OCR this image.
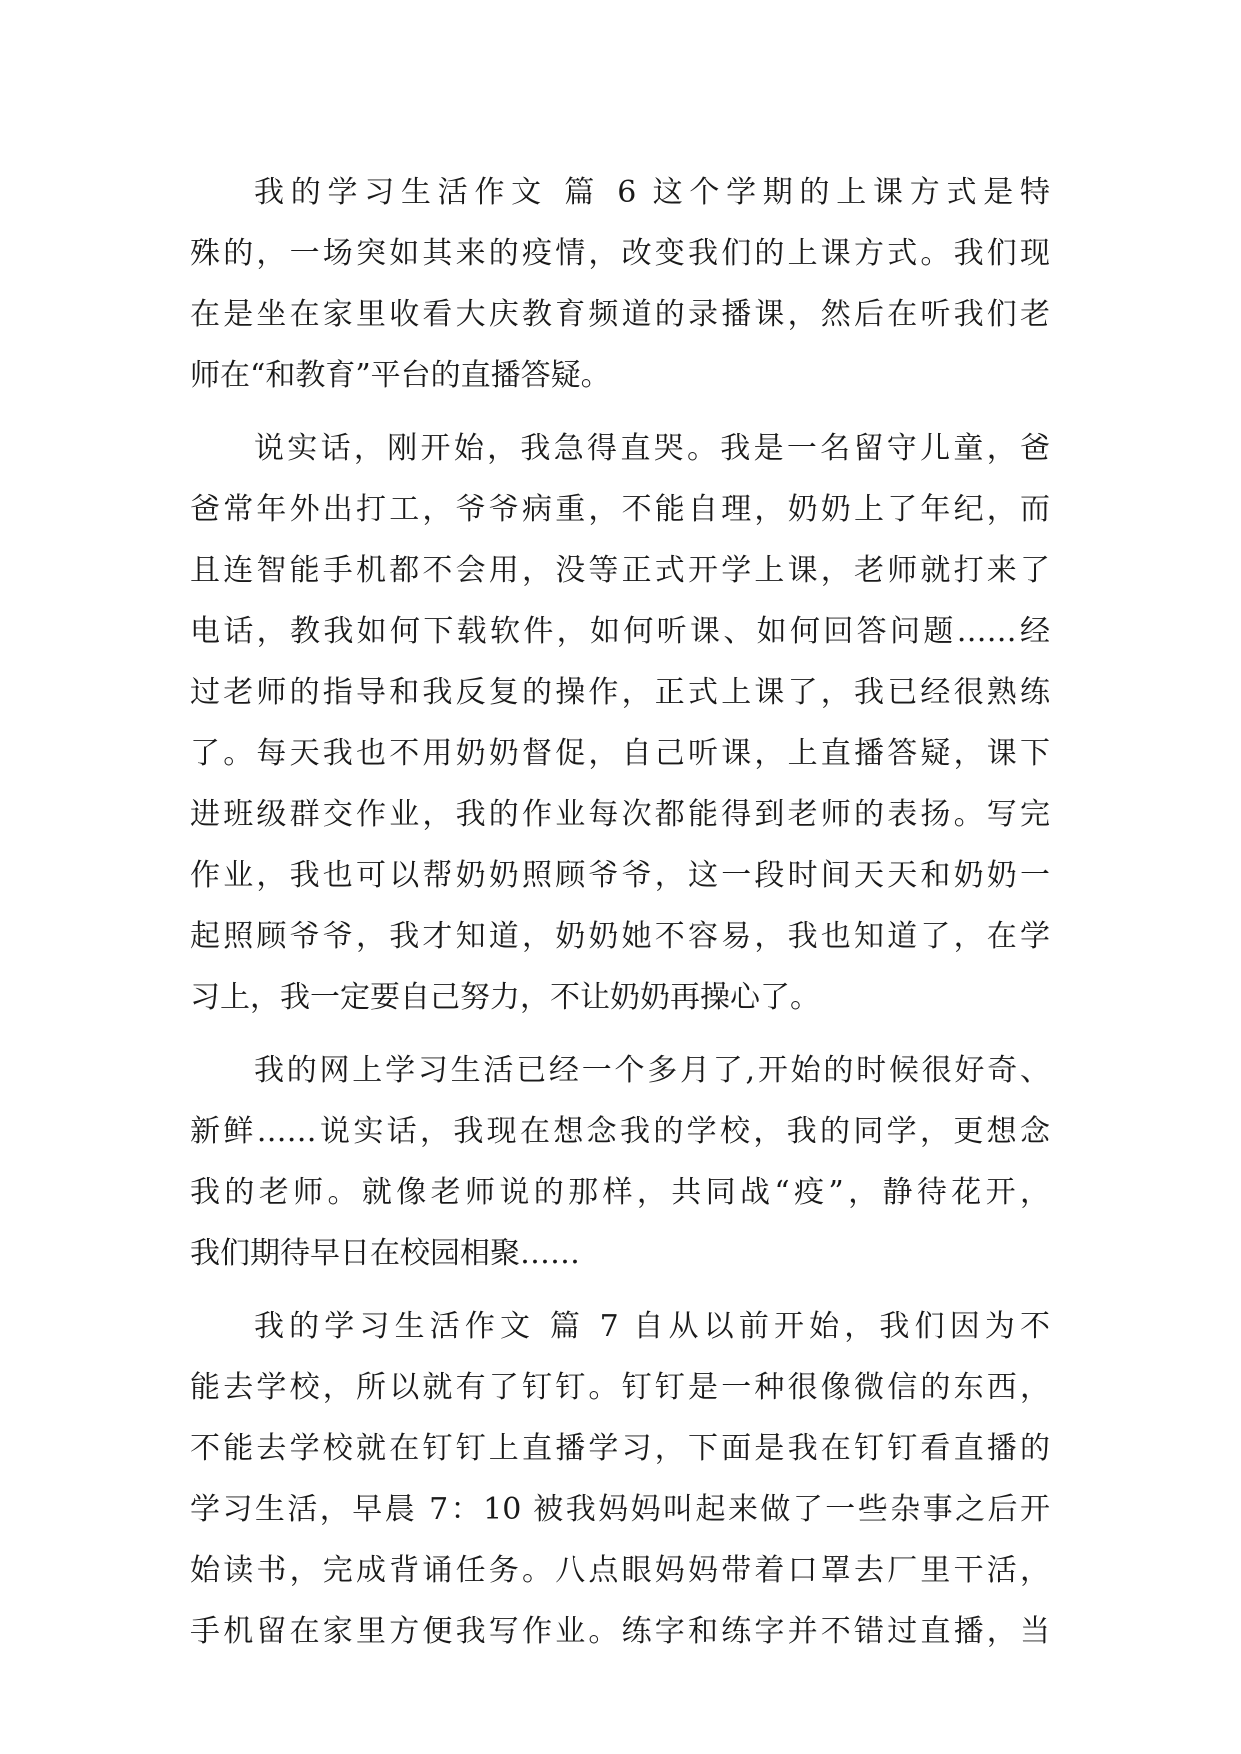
我的学习生活作文 篇 6 这个学期的上课方式是特
殊的，一场突如其来的疫情，改变我们的上课方式。我们现
在是坐在家里收看大庆教育频道的录播课，然后在听我们老
师在“和教育”平台的直播答疑。
说实话，刚开始，我急得直哭。我是一名留守儿童，爸
爸常年外出打工，爷爷病重，不能自理，奶奶上了年纪，而
且连智能手机都不会用，没等正式开学上课，老师就打来了
电话，教我如何下载软件，如何听课、如何回答问题……经
过老师的指导和我反复的操作，正式上课了，我已经很熟练
了。每天我也不用奶奶督促，自己听课，上直播答疑，课下
进班级群交作业，我的作业每次都能得到老师的表扬。写完
作业，我也可以帮奶奶照顾爷爷，这一段时间天天和奶奶一
起照顾爷爷，我才知道，奶奶她不容易，我也知道了，在学
习上，我一定要自己努力，不让奶奶再操心了。
我的网上学习生活已经一个多月了,开始的时候很好奇、
新鲜……说实话，我现在想念我的学校，我的同学，更想念
我的老师。就像老师说的那样，共同战“疫”，静待花开，
我们期待早日在校园相聚……
我的学习生活作文 篇 7 自从以前开始，我们因为不
能去学校，所以就有了钉钉。钉钉是一种很像微信的东西，
不能去学校就在钉钉上直播学习，下面是我在钉钉看直播的
学习生活，早晨 7：10 被我妈妈叫起来做了一些杂事之后开
始读书，完成背诵任务。八点眼妈妈带着口罩去厂里干活，
手机留在家里方便我写作业。练字和练字并不错过直播，当
